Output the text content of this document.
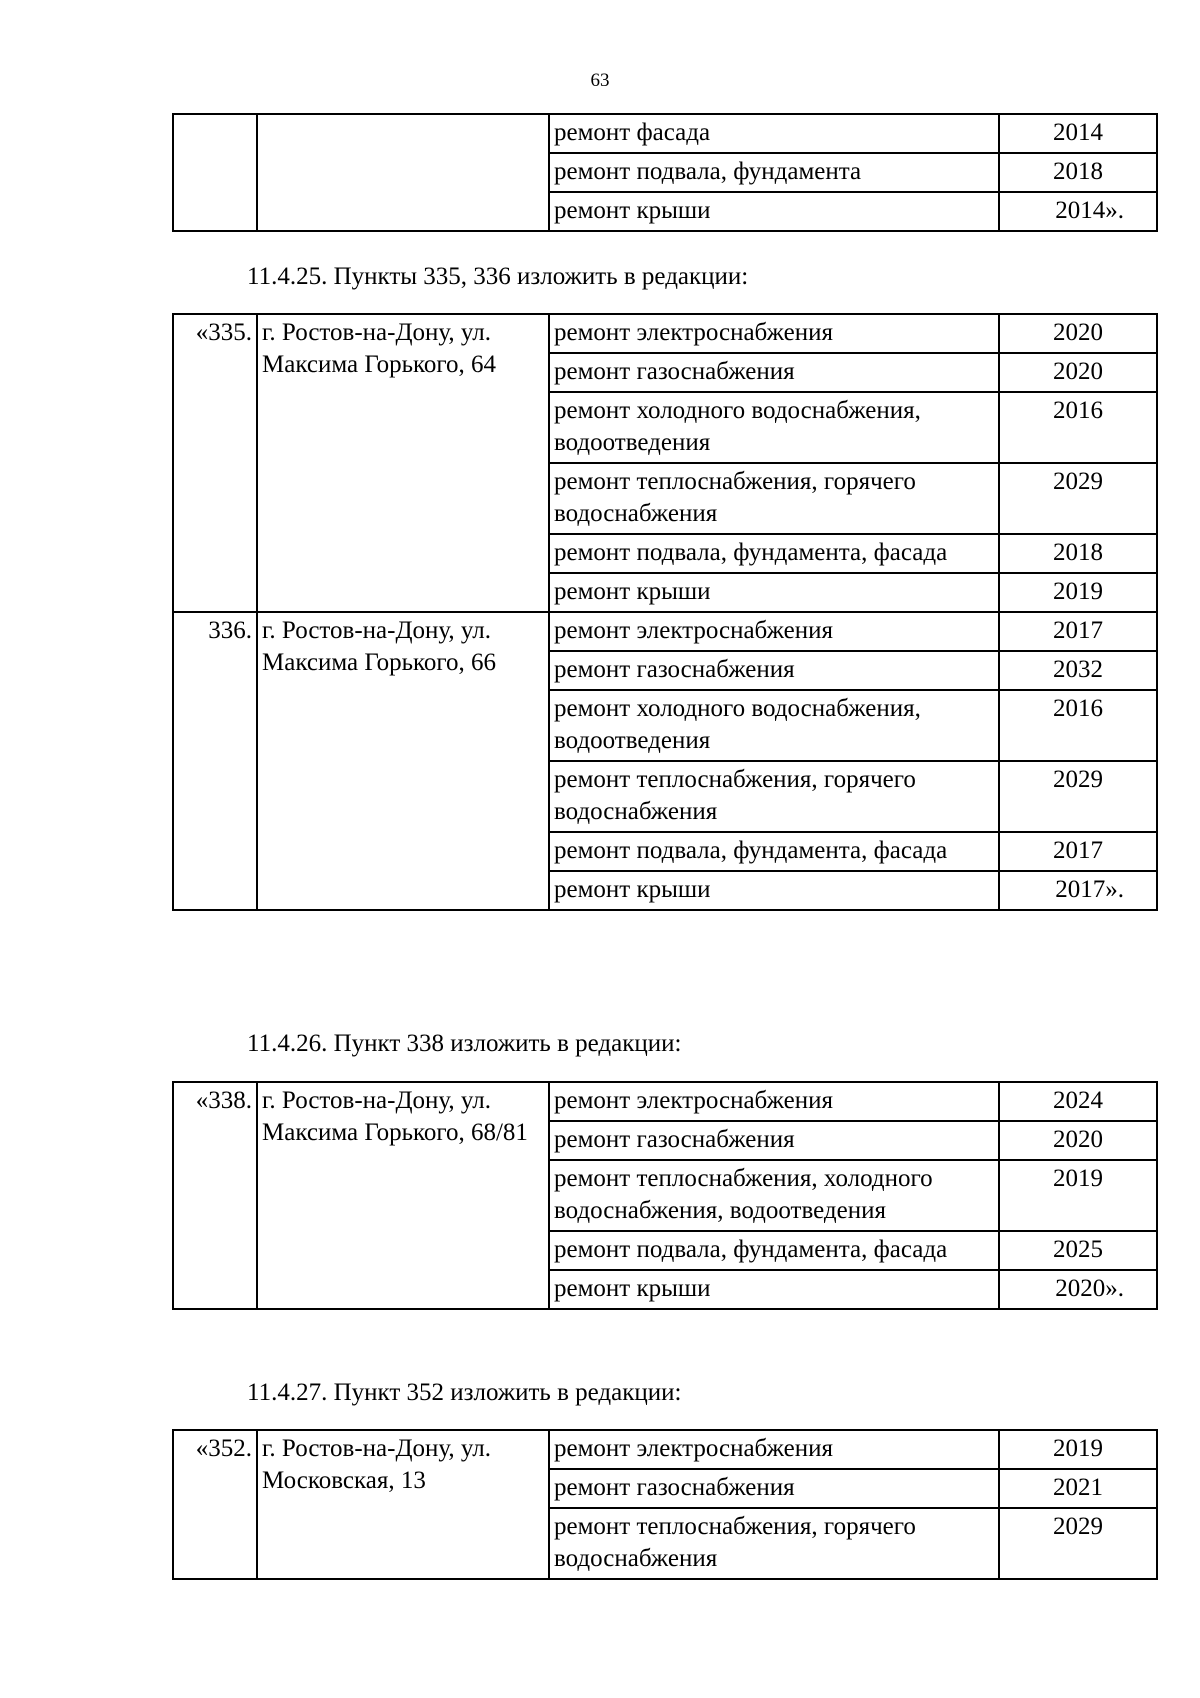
63
		ремонт фасада	2014
		ремонт подвала, фундамента	2018
		ремонт крыши	2014».
11.4.25. Пункты 335, 336 изложить в редакции:
«335.	г. Ростов-на-Дону, ул. Максима Горького, 64	ремонт электроснабжения	2020
		ремонт газоснабжения	2020
		ремонт холодного водоснабжения, водоотведения	2016
		ремонт теплоснабжения, горячего водоснабжения	2029
		ремонт подвала, фундамента, фасада	2018
		ремонт крыши	2019
336.	г. Ростов-на-Дону, ул. Максима Горького, 66	ремонт электроснабжения	2017
		ремонт газоснабжения	2032
		ремонт холодного водоснабжения, водоотведения	2016
		ремонт теплоснабжения, горячего водоснабжения	2029
		ремонт подвала, фундамента, фасада	2017
		ремонт крыши	2017».
11.4.26. Пункт 338 изложить в редакции:
«338.	г. Ростов-на-Дону, ул. Максима Горького, 68/81	ремонт электроснабжения	2024
		ремонт газоснабжения	2020
		ремонт теплоснабжения, холодного водоснабжения, водоотведения	2019
		ремонт подвала, фундамента, фасада	2025
		ремонт крыши	2020».
11.4.27. Пункт 352 изложить в редакции:
«352.	г. Ростов-на-Дону, ул. Московская, 13	ремонт электроснабжения	2019
		ремонт газоснабжения	2021
		ремонт теплоснабжения, горячего водоснабжения	2029
